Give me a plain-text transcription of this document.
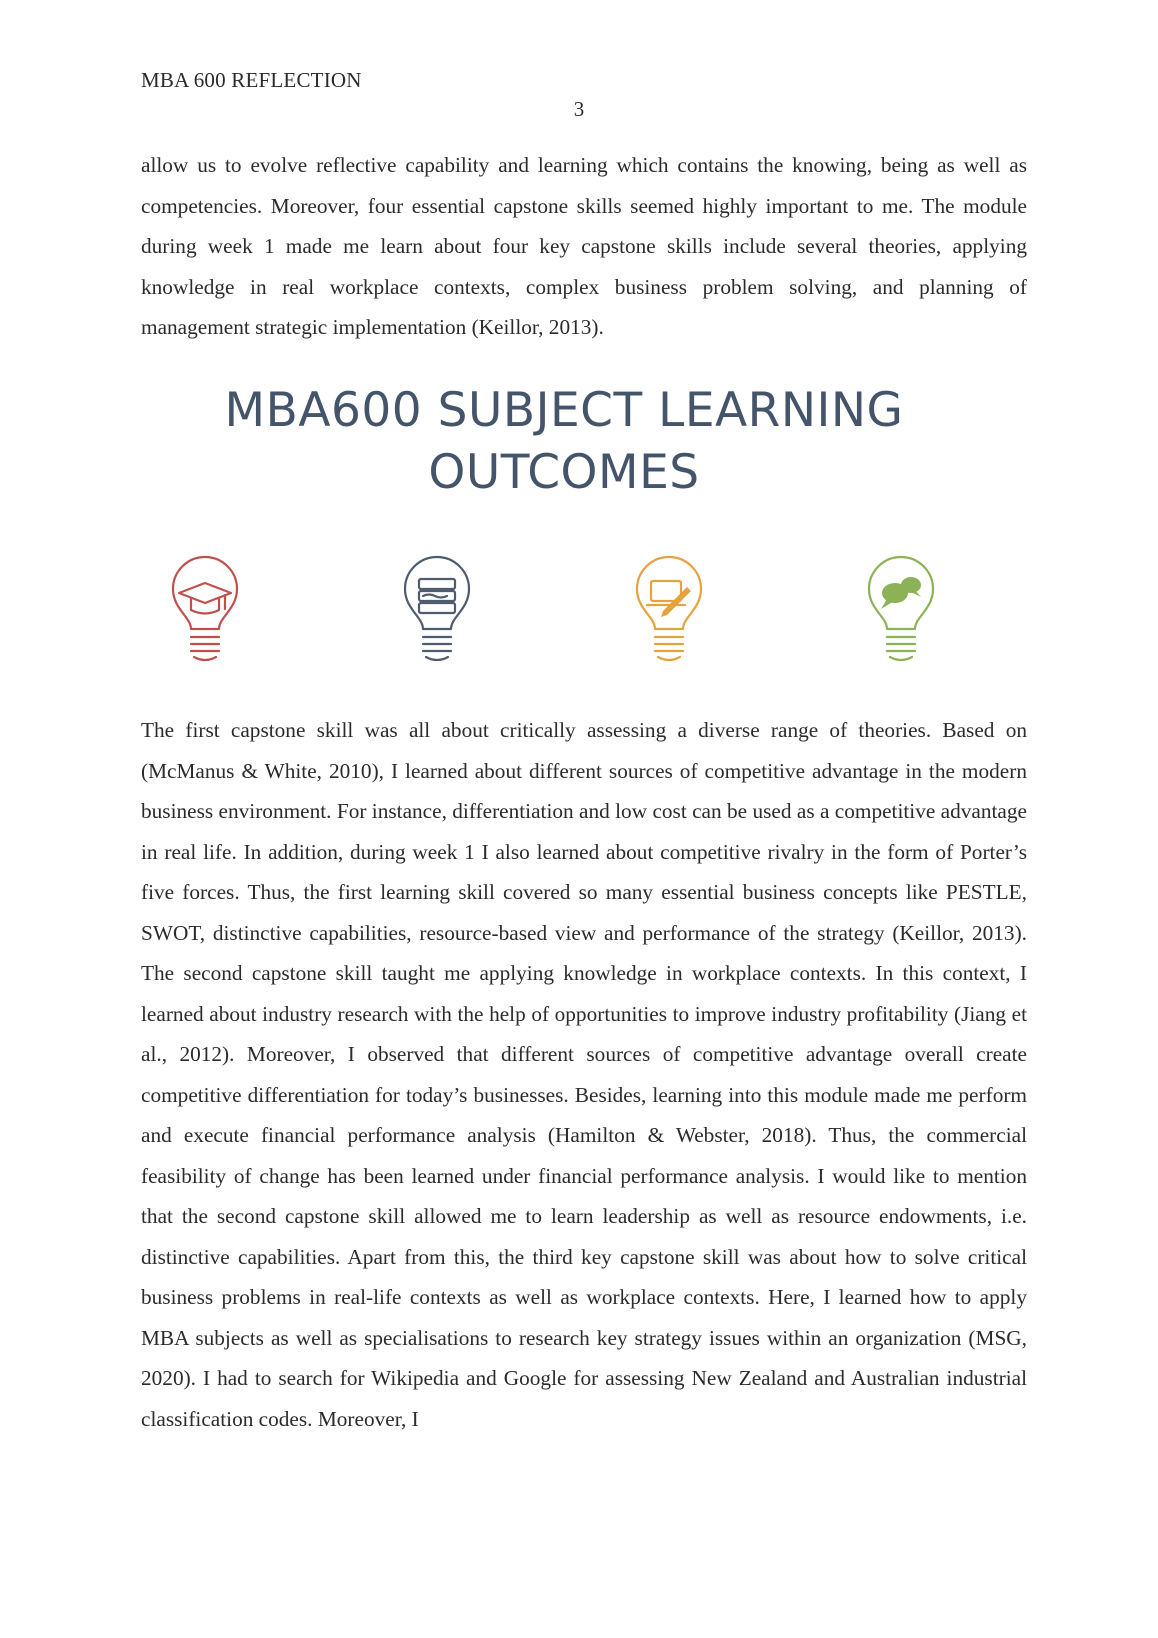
MBA 600 REFLECTION
3

allow us to evolve reflective capability and learning which contains the knowing, being as well as competencies. Moreover, four essential capstone skills seemed highly important to me. The module during week 1 made me learn about four key capstone skills include several theories, applying knowledge in real workplace contexts, complex business problem solving, and planning of management strategic implementation (Keillor, 2013).

MBA600 SUBJECT LEARNING
OUTCOMES

The first capstone skill was all about critically assessing a diverse range of theories. Based on (McManus & White, 2010), I learned about different sources of competitive advantage in the modern business environment. For instance, differentiation and low cost can be used as a competitive advantage in real life. In addition, during week 1 I also learned about competitive rivalry in the form of Porter’s five forces. Thus, the first learning skill covered so many essential business concepts like PESTLE, SWOT, distinctive capabilities, resource-based view and performance of the strategy (Keillor, 2013). The second capstone skill taught me applying knowledge in workplace contexts. In this context, I learned about industry research with the help of opportunities to improve industry profitability (Jiang et al., 2012). Moreover, I observed that different sources of competitive advantage overall create competitive differentiation for today’s businesses. Besides, learning into this module made me perform and execute financial performance analysis (Hamilton & Webster, 2018). Thus, the commercial feasibility of change has been learned under financial performance analysis. I would like to mention that the second capstone skill allowed me to learn leadership as well as resource endowments, i.e. distinctive capabilities. Apart from this, the third key capstone skill was about how to solve critical business problems in real-life contexts as well as workplace contexts. Here, I learned how to apply MBA subjects as well as specialisations to research key strategy issues within an organization (MSG, 2020). I had to search for Wikipedia and Google for assessing New Zealand and Australian industrial classification codes. Moreover, I
